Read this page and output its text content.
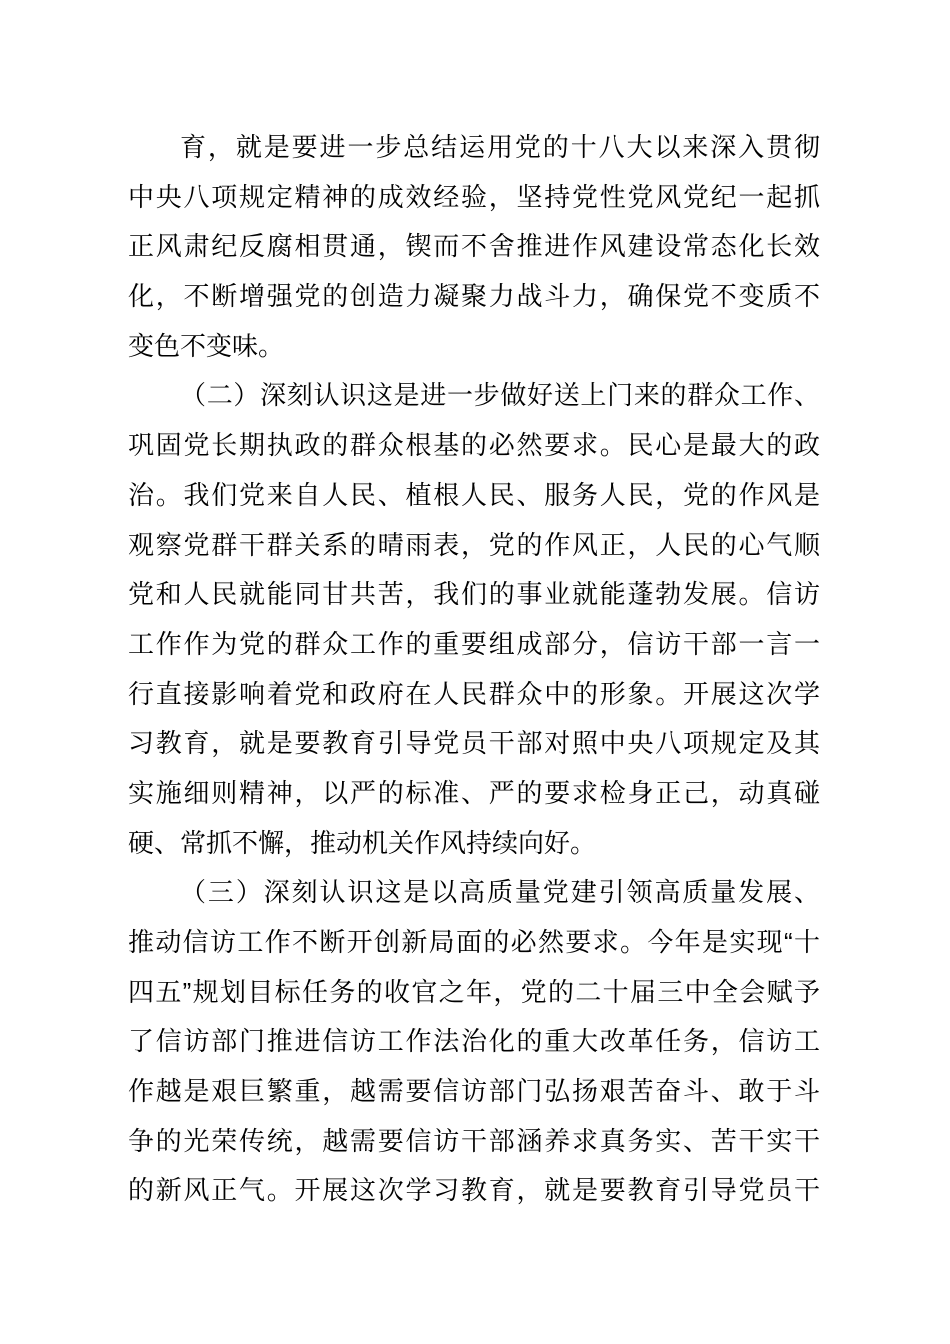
育，就是要进一步总结运用党的十八大以来深入贯彻
中央八项规定精神的成效经验，坚持党性党风党纪一起抓
正风肃纪反腐相贯通，锲而不舍推进作风建设常态化长效
化，不断增强党的创造力凝聚力战斗力，确保党不变质不
变色不变味。
（二）深刻认识这是进一步做好送上门来的群众工作、
巩固党长期执政的群众根基的必然要求。民心是最大的政
治。我们党来自人民、植根人民、服务人民，党的作风是
观察党群干群关系的晴雨表，党的作风正，人民的心气顺
党和人民就能同甘共苦，我们的事业就能蓬勃发展。信访
工作作为党的群众工作的重要组成部分，信访干部一言一
行直接影响着党和政府在人民群众中的形象。开展这次学
习教育，就是要教育引导党员干部对照中央八项规定及其
实施细则精神，以严的标准、严的要求检身正己，动真碰
硬、常抓不懈，推动机关作风持续向好。
（三）深刻认识这是以高质量党建引领高质量发展、
推动信访工作不断开创新局面的必然要求。今年是实现“十
四五”规划目标任务的收官之年，党的二十届三中全会赋予
了信访部门推进信访工作法治化的重大改革任务，信访工
作越是艰巨繁重，越需要信访部门弘扬艰苦奋斗、敢于斗
争的光荣传统，越需要信访干部涵养求真务实、苦干实干
的新风正气。开展这次学习教育，就是要教育引导党员干
